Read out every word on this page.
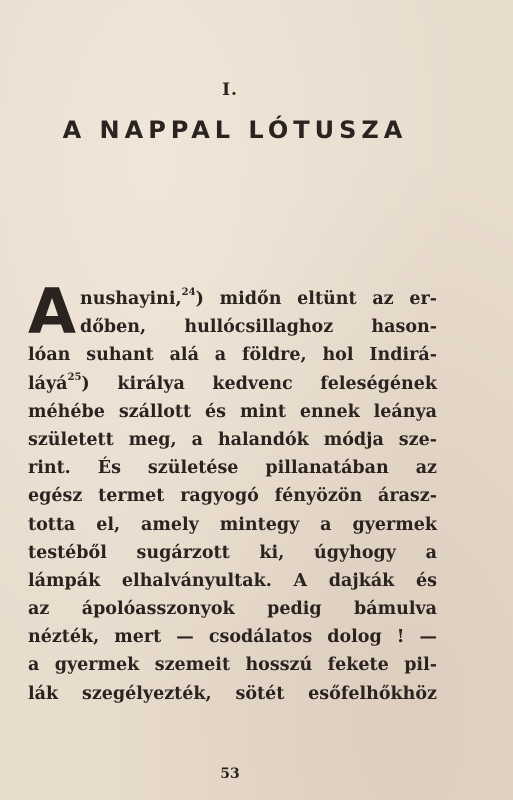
I.
A NAPPAL LÓTUSZA
A nushayini,$^{24}$) midőn eltünt az er-
dőben, hullócsillaghoz hason-
lóan suhant alá a földre, hol Indirá-
láyá$^{25}$) királya kedvenc feleségének
méhébe szállott és mint ennek leánya
született meg, a halandók módja sze-
rint. És születése pillanatában az
egész termet ragyogó fényözön árasz-
totta el, amely mintegy a gyermek
testéből sugárzott ki, úgyhogy a
lámpák elhalványultak. A dajkák és
az ápolóasszonyok pedig bámulva
nézték, mert — csodálatos dolog ! —
a gyermek szemeit hosszú fekete pil-
lák szegélyezték, sötét esőfelhőkhöz
53
